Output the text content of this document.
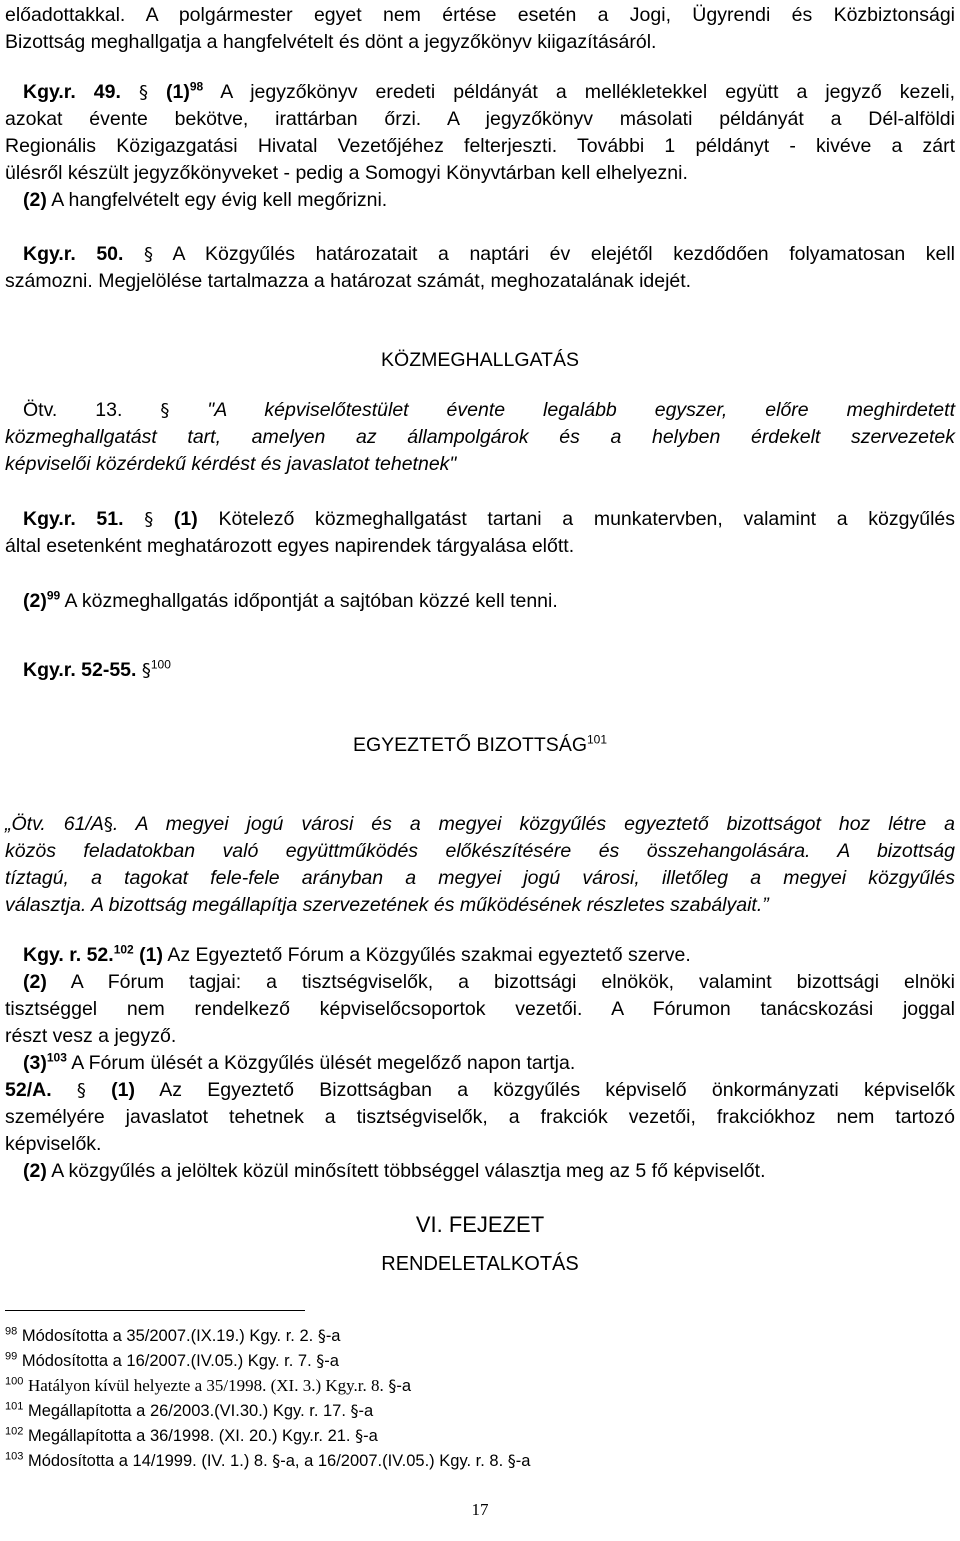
előadottakkal. A polgármester egyet nem értése esetén a Jogi, Ügyrendi és Közbiztonsági
Bizottság meghallgatja a hangfelvételt és dönt a jegyzőkönyv kiigazításáról.
Kgy.r. 49. § $(1)^{98}$ A jegyzőkönyv eredeti példányát a mellékletekkel együtt a jegyző kezeli,
azokat évente bekötve, irattárban őrzi. A jegyzőkönyv másolati példányát a Dél-alföldi
Regionális Közigazgatási Hivatal Vezetőjéhez felterjeszti. További 1 példányt - kivéve a zárt
ülésről készült jegyzőkönyveket - pedig a Somogyi Könyvtárban kell elhelyezni.
(2) A hangfelvételt egy évig kell megőrizni.
Kgy.r. 50. § A Közgyűlés határozatait a naptári év elejétől kezdődően folyamatosan kell
számozni. Megjelölése tartalmazza a határozat számát, meghozatalának idejét.
KÖZMEGHALLGATÁS
Ötv. 13. § "A képviselőtestület évente legalább egyszer, előre meghirdetett
közmeghallgatást tart, amelyen az állampolgárok és a helyben érdekelt szervezetek
képviselői közérdekű kérdést és javaslatot tehetnek"
Kgy.r. 51. § (1) Kötelező közmeghallgatást tartani a munkatervben, valamint a közgyűlés
által esetenként meghatározott egyes napirendek tárgyalása előtt.
$(2)^{99}$ A közmeghallgatás időpontját a sajtóban közzé kell tenni.
Kgy.r. 52-55. §$^{100}$
EGYEZTETŐ BIZOTTSÁG$^{101}$
„Ötv. 61/A§. A megyei jogú városi és a megyei közgyűlés egyeztető bizottságot hoz létre a
közös feladatokban való együttműködés előkészítésére és összehangolására. A bizottság
tíztagú, a tagokat fele-fele arányban a megyei jogú városi, illetőleg a megyei közgyűlés
választja. A bizottság megállapítja szervezetének és működésének részletes szabályait.”
Kgy. r. 52.$^{102}$ (1) Az Egyeztető Fórum a Közgyűlés szakmai egyeztető szerve.
(2) A Fórum tagjai: a tisztségviselők, a bizottsági elnökök, valamint bizottsági elnöki
tisztséggel nem rendelkező képviselőcsoportok vezetői. A Fórumon tanácskozási joggal
részt vesz a jegyző.
$(3)^{103}$ A Fórum ülését a Közgyűlés ülését megelőző napon tartja.
52/A. § (1) Az Egyeztető Bizottságban a közgyűlés képviselő önkormányzati képviselők
személyére javaslatot tehetnek a tisztségviselők, a frakciók vezetői, frakciókhoz nem tartozó
képviselők.
(2) A közgyűlés a jelöltek közül minősített többséggel választja meg az 5 fő képviselőt.
VI. FEJEZET
RENDELETALKOTÁS
$^{98}$ Módosította a 35/2007.(IX.19.) Kgy. r. 2. §-a
$^{99}$ Módosította a 16/2007.(IV.05.) Kgy. r. 7. §-a
$^{100}$ Hatályon kívül helyezte a 35/1998. (XI. 3.) Kgy.r. 8. §-a
$^{101}$ Megállapította a 26/2003.(VI.30.) Kgy. r. 17. §-a
$^{102}$ Megállapította a 36/1998. (XI. 20.) Kgy.r. 21. §-a
$^{103}$ Módosította a 14/1999. (IV. 1.) 8. §-a, a 16/2007.(IV.05.) Kgy. r. 8. §-a
17
